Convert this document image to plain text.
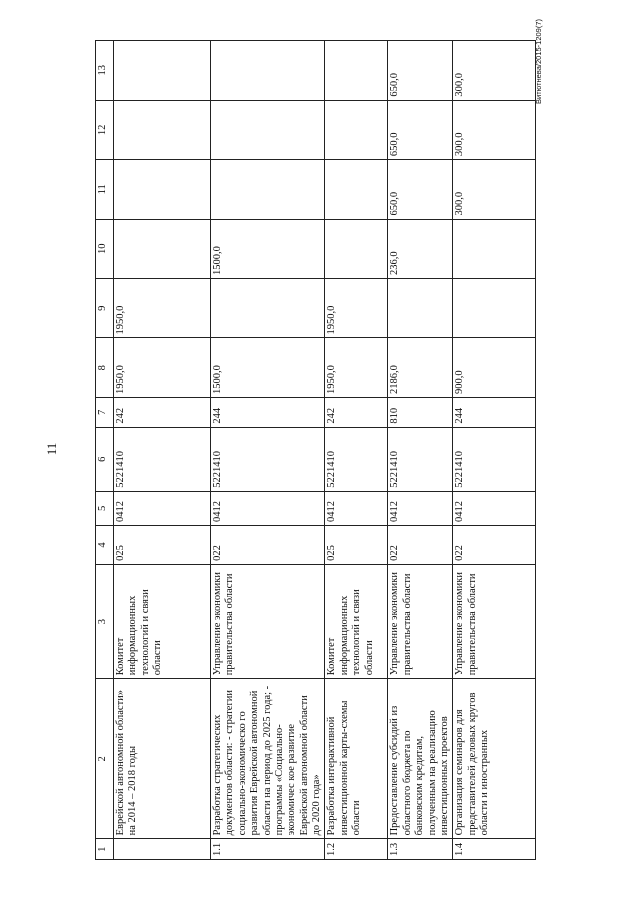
11
Витютнева/2015-1209(7)
1	2	3	4	5	6	7	8	9	10	11	12	13
	Еврейской автономной области» на 2014 – 2018 годы	Комитет информационных технологий и связи области	025	0412	5221410	242	1950,0	1950,0				
1.1	Разработка стратегических документов области: - стратегии социально-экономическо го развития Еврейской автономной области на период до 2025 года; - программы «Социально-экономичес кое развитие Еврейской автономной области до 2020 года»	Управление экономики правительства области	022	0412	5221410	244	1500,0		1500,0			
1.2	Разработка интерактивной инвестиционной карты-схемы области	Комитет информационных технологий и связи области	025	0412	5221410	242	1950,0	1950,0				
1.3	Предоставление субсидий из областного бюджета по банковским кредитам, полученным на реализацию инвестиционных проектов	Управление экономики правительства области	022	0412	5221410	810	2186,0		236,0	650,0	650,0	650,0
1.4	Организация семинаров для представителей деловых кругов области и иностранных	Управление экономики правительства области	022	0412	5221410	244	900,0			300,0	300,0	300,0
